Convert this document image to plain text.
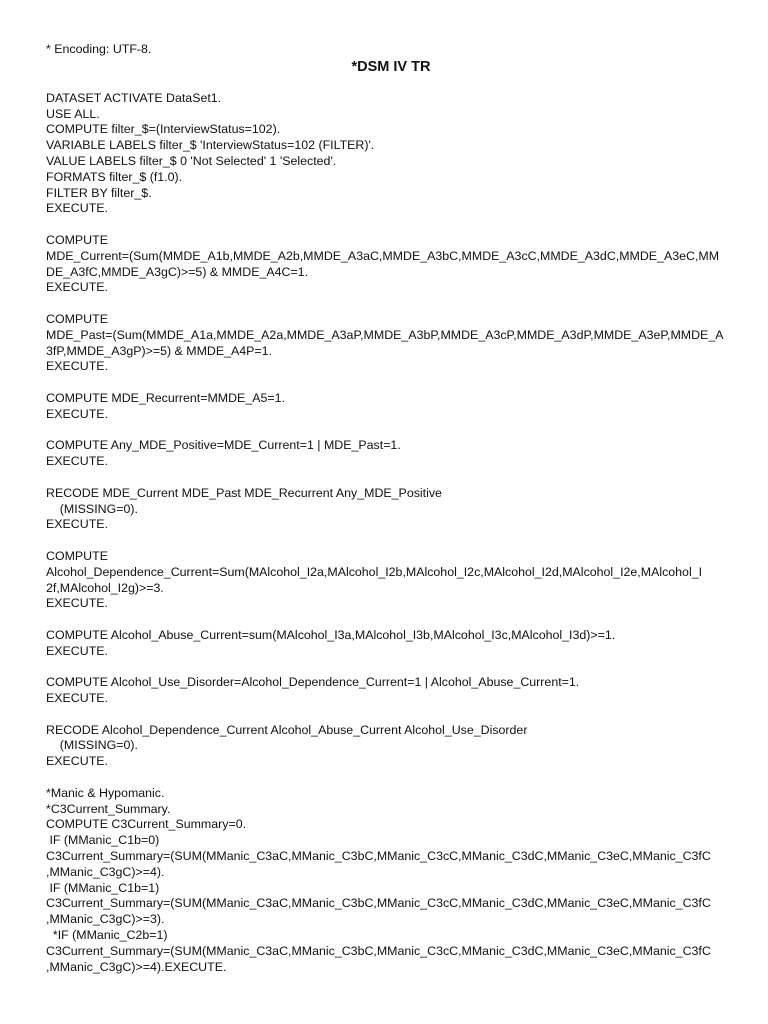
* Encoding: UTF-8.
*DSM IV TR
DATASET ACTIVATE DataSet1.
USE ALL.
COMPUTE filter_$=(InterviewStatus=102).
VARIABLE LABELS filter_$ 'InterviewStatus=102 (FILTER)'.
VALUE LABELS filter_$ 0 'Not Selected' 1 'Selected'.
FORMATS filter_$ (f1.0).
FILTER BY filter_$.
EXECUTE.
COMPUTE
MDE_Current=(Sum(MMDE_A1b,MMDE_A2b,MMDE_A3aC,MMDE_A3bC,MMDE_A3cC,MMDE_A3dC,MMDE_A3eC,MM
DE_A3fC,MMDE_A3gC)>=5) & MMDE_A4C=1.
EXECUTE.
COMPUTE
MDE_Past=(Sum(MMDE_A1a,MMDE_A2a,MMDE_A3aP,MMDE_A3bP,MMDE_A3cP,MMDE_A3dP,MMDE_A3eP,MMDE_A
3fP,MMDE_A3gP)>=5) & MMDE_A4P=1.
EXECUTE.
COMPUTE MDE_Recurrent=MMDE_A5=1.
EXECUTE.
COMPUTE Any_MDE_Positive=MDE_Current=1 | MDE_Past=1.
EXECUTE.
RECODE MDE_Current MDE_Past MDE_Recurrent Any_MDE_Positive
(MISSING=0).
EXECUTE.
COMPUTE
Alcohol_Dependence_Current=Sum(MAlcohol_I2a,MAlcohol_I2b,MAlcohol_I2c,MAlcohol_I2d,MAlcohol_I2e,MAlcohol_I
2f,MAlcohol_I2g)>=3.
EXECUTE.
COMPUTE Alcohol_Abuse_Current=sum(MAlcohol_I3a,MAlcohol_I3b,MAlcohol_I3c,MAlcohol_I3d)>=1.
EXECUTE.
COMPUTE Alcohol_Use_Disorder=Alcohol_Dependence_Current=1 | Alcohol_Abuse_Current=1.
EXECUTE.
RECODE Alcohol_Dependence_Current Alcohol_Abuse_Current Alcohol_Use_Disorder
(MISSING=0).
EXECUTE.
*Manic & Hypomanic.
*C3Current_Summary.
COMPUTE C3Current_Summary=0.
IF (MManic_C1b=0)
C3Current_Summary=(SUM(MManic_C3aC,MManic_C3bC,MManic_C3cC,MManic_C3dC,MManic_C3eC,MManic_C3fC
,MManic_C3gC)>=4).
IF (MManic_C1b=1)
C3Current_Summary=(SUM(MManic_C3aC,MManic_C3bC,MManic_C3cC,MManic_C3dC,MManic_C3eC,MManic_C3fC
,MManic_C3gC)>=3).
*IF (MManic_C2b=1)
C3Current_Summary=(SUM(MManic_C3aC,MManic_C3bC,MManic_C3cC,MManic_C3dC,MManic_C3eC,MManic_C3fC
,MManic_C3gC)>=4).EXECUTE.
